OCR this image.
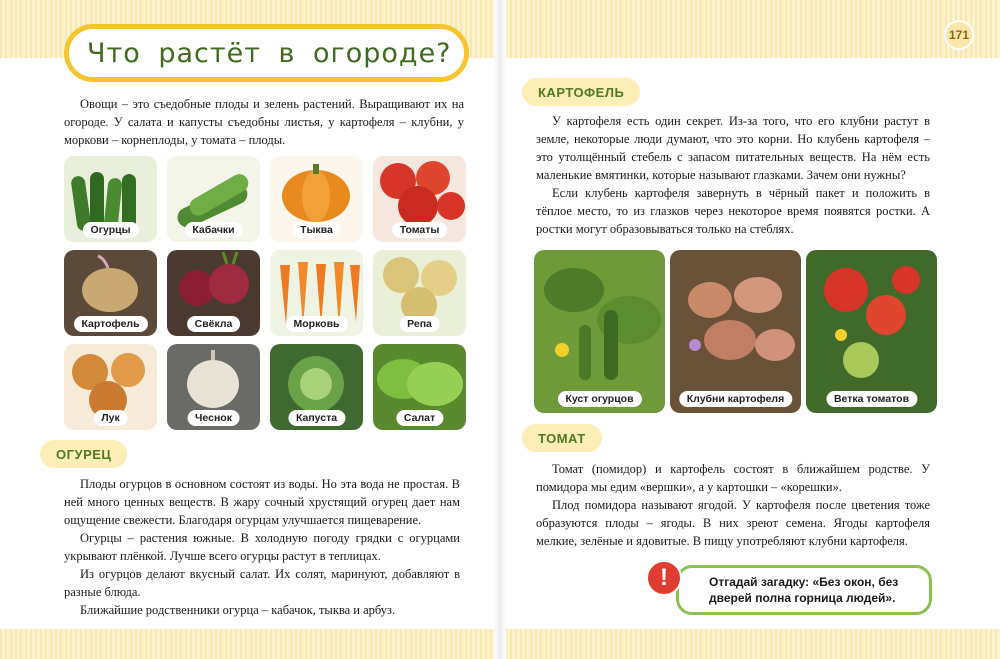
Что растёт в огороде?
171

Овощи – это съедобные плоды и зелень растений. Выращивают их на огороде. У салата и капусты съедобны листья, у картофеля – клубни, у моркови – корнеплоды, у томата – плоды.

Огурцы	Кабачки	Тыква	Томаты
Картофель	Свёкла	Морковь	Репа
Лук	Чеснок	Капуста	Салат
ОГУРЕЦ

Плоды огурцов в основном состоят из воды. Но эта вода не простая. В ней много ценных веществ. В жару сочный хрустящий огурец дает нам ощущение свежести. Благодаря огурцам улучшается пищеварение.

Огурцы – растения южные. В холодную погоду грядки с огурцами укрывают плёнкой. Лучше всего огурцы растут в теплицах.

Из огурцов делают вкусный салат. Их солят, маринуют, добавляют в разные блюда.

Ближайшие родственники огурца – кабачок, тыква и арбуз.

КАРТОФЕЛЬ

У картофеля есть один секрет. Из-за того, что его клубни растут в земле, некоторые люди думают, что это корни. Но клубень картофеля – это утолщённый стебель с запасом питательных веществ. На нём есть маленькие вмятинки, которые называют глазками. Зачем они нужны?

Если клубень картофеля завернуть в чёрный пакет и положить в тёплое место, то из глазков через некоторое время появятся ростки. А ростки могут образовываться только на стеблях.

Куст огурцов	Клубни картофеля	Ветка томатов
ТОМАТ

Томат (помидор) и картофель состоят в ближайшем родстве. У помидора мы едим «вершки», а у картошки – «корешки».

Плод помидора называют ягодой. У картофеля после цветения тоже образуются плоды – ягоды. В них зреют семена. Ягоды картофеля мелкие, зелёные и ядовитые. В пищу употребляют клубни картофеля.

Отгадай загадку: «Без окон, без дверей полна горница людей».
!
